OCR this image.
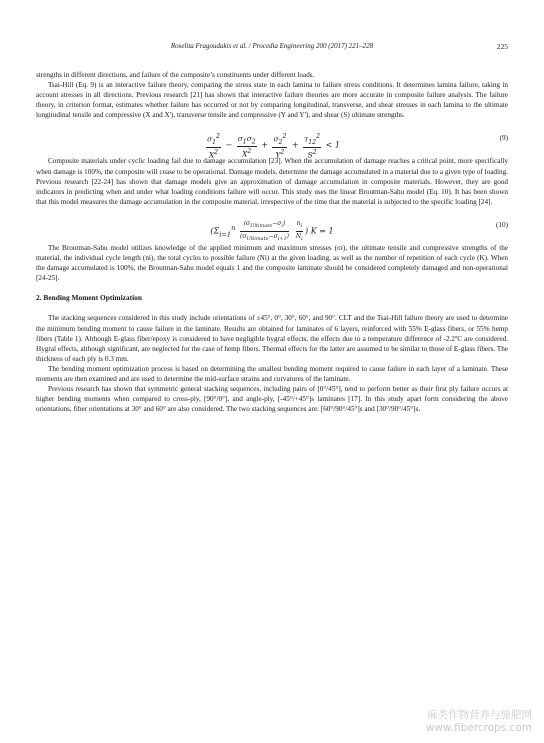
Roselita Fragoudakis et al. / Procedia Engineering 200 (2017) 221–228	225

strengths in different directions, and failure of the composite’s constituents under different loads.

Tsai-Hill (Eq. 9) is an interactive failure theory, comparing the stress state in each lamina to failure stress conditions. It determines lamina failure, taking in account stresses in all directions. Previous research [21] has shown that interactive failure theories are more accurate in composite failure analysis. The failure theory, in criterion format, estimates whether failure has occurred or not by comparing longitudinal, transverse, and shear stresses in each lamina to the ultimate longitudinal tensile and compressive (X and X'), transverse tensile and compressive (Y and Y'), and shear (S) ultimate strengths.

$\frac{\sigma_1^2}{X^2} - \frac{\sigma_1\sigma_2}{X^2} + \frac{\sigma_2^2}{Y^2} + \frac{\tau_{12}^2}{S^2} < 1$
(9)

Composite materials under cyclic loading fail due to damage accumulation [23]. When the accumulation of damage reaches a critical point, more specifically when damage is 100%, the composite will cease to be operational. Damage models, determine the damage accumulated in a material due to a given type of loading. Previous research [22-24] has shown that damage models give an approximation of damage accumulation in composite materials. However, they are good indicators in predicting when and under what loading conditions failure will occur. This study uses the linear Broutman-Sahu model (Eq. 10). It has been shown that this model measures the damage accumulation in the composite material, irrespective of the time that the material is subjected to the specific loading [24].

($\Sigma_{i=1}^n \frac{(\sigma_{Ultimate}-\sigma_i)}{(\sigma_{Ultimate}-\sigma_{i+1})}$
$\frac{n_i}{N_i}$ ) K = 1
(10)

The Broutman-Sahu model utilizes knowledge of the applied minimum and maximum stresses (σi), the ultimate tensile and compressive strengths of the material, the individual cycle length (ni), the total cycles to possible failure (Ni) at the given loading, as well as the number of repetition of each cycle (K). When the damage accumulated is 100%, the Broutman-Sahu model equals 1 and the composite laminate should be considered completely damaged and non-operational [24-25].

2. Bending Moment Optimization

The stacking sequences considered in this study include orientations of ±45°, 0°, 30°, 60°, and 90°. CLT and the Tsai-Hill failure theory are used to determine the minimum bending moment to cause failure in the laminate. Results are obtained for laminates of 6 layers, reinforced with 55% E-glass fibers, or 55% hemp fibers (Table 1). Although E-glass fiber/epoxy is considered to have negligible hygral effects, the effects due to a temperature difference of -2.2ºC are considered. Hygral effects, although significant, are neglected for the case of hemp fibers. Thermal effects for the latter are assumed to be similar to those of E-glass fibers. The thickness of each ply is 0.3 mm.

The bending moment optimization process is based on determining the smallest bending moment required to cause failure in each layer of a laminate. These moments are then examined and are used to determine the mid-surface strains and curvatures of the laminate.

Previous research has shown that symmetric general stacking sequences, including pairs of [0°/45°], tend to perform better as their first ply failure occurs at higher bending moments when compared to cross-ply, [90°/0°], and angle-ply, [-45°/+45°]s laminates [17]. In this study apart form considering the above orientations, fiber orientations at 30° and 60° are also considered. The two stacking sequences are: [60°/90°/45°]s and [30°/90°/45°]s.

麻类作物营养与施肥网
www.fibercrops.com
